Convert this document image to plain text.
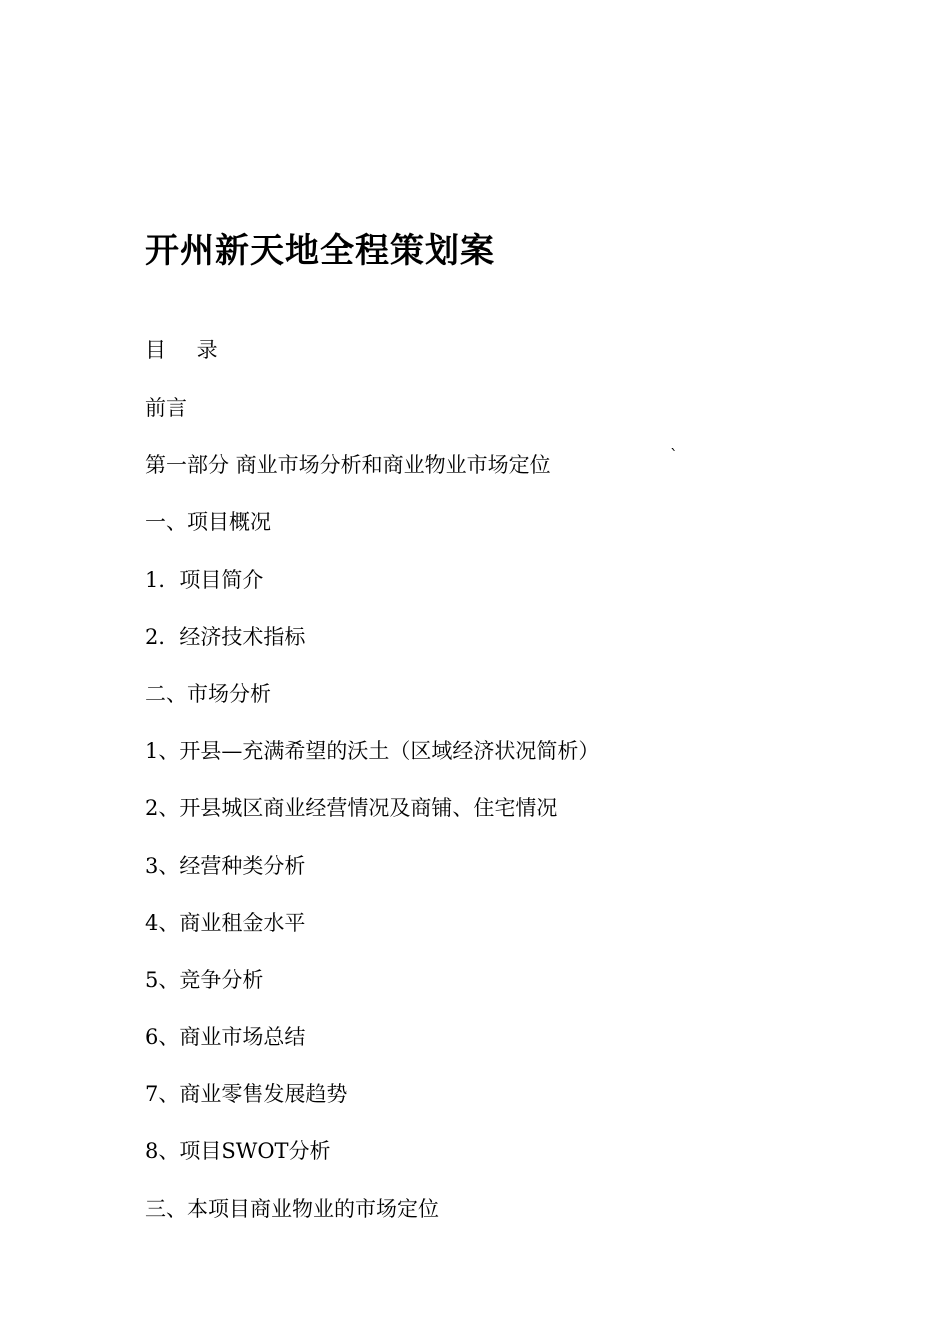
开州新天地全程策划案
目 录
`
前言
第一部分 商业市场分析和商业物业市场定位
一、项目概况
1．项目简介
2．经济技术指标
二、市场分析
1、开县—充满希望的沃土（区域经济状况简析）
2、开县城区商业经营情况及商铺、住宅情况
3、经营种类分析
4、商业租金水平
5、竞争分析
6、商业市场总结
7、商业零售发展趋势
8、项目SWOT分析
三、本项目商业物业的市场定位
